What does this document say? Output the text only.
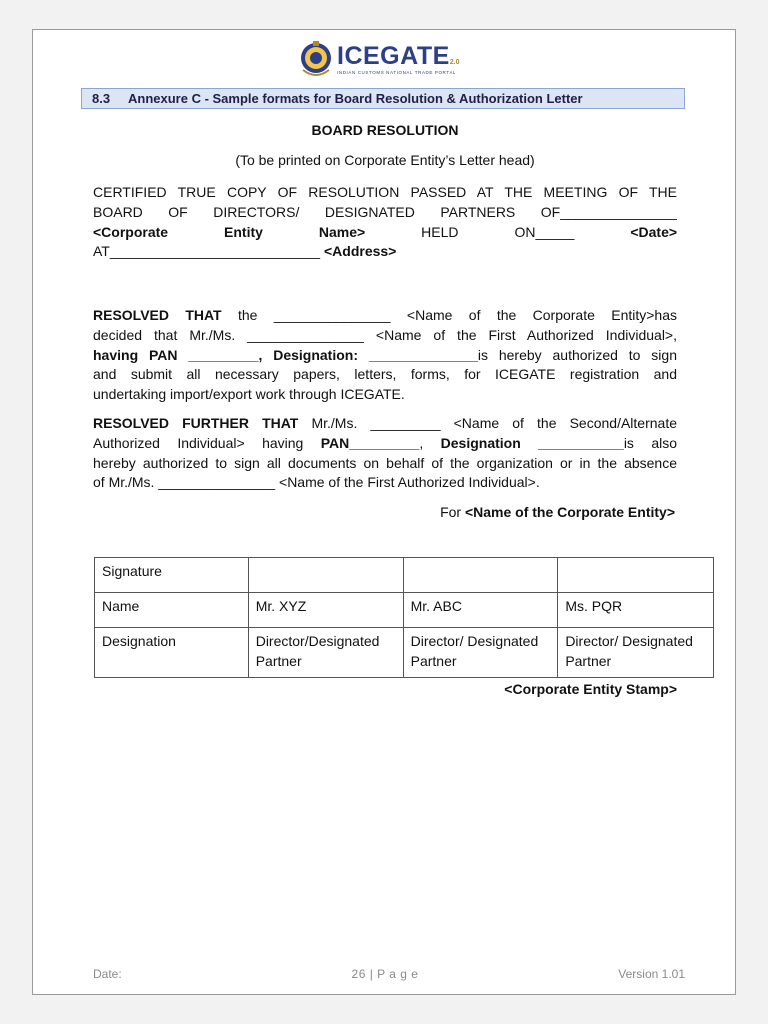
ICEGATE2.0
INDIAN CUSTOMS NATIONAL TRADE PORTAL
8.3 Annexure C - Sample formats for Board Resolution & Authorization Letter
BOARD RESOLUTION
(To be printed on Corporate Entity’s Letter head)
CERTIFIED TRUE COPY OF RESOLUTION PASSED AT THE MEETING OF THE
BOARD OF DIRECTORS/ DESIGNATED PARTNERS OF_______________
<Corporate	Entity	Name>	HELD	ON_____	<Date>
AT___________________________ <Address>
RESOLVED THAT the _______________ <Name of the Corporate Entity>has
decided that Mr./Ms. _______________ <Name of the First Authorized Individual>,
having PAN _________, Designation: ______________is hereby authorized to sign
and submit all necessary papers, letters, forms, for ICEGATE registration and
undertaking import/export work through ICEGATE.
RESOLVED FURTHER THAT Mr./Ms. _________ <Name of the Second/Alternate
Authorized Individual> having PAN_________, Designation ___________is also
hereby authorized to sign all documents on behalf of the organization or in the absence
of Mr./Ms. _______________ <Name of the First Authorized Individual>.
For <Name of the Corporate Entity>
Signature			
Name	Mr. XYZ	Mr. ABC	Ms. PQR
Designation	Director/Designated Partner	Director/ Designated Partner	Director/ Designated Partner
<Corporate Entity Stamp>
Date:	26 | P a g e	Version 1.01
